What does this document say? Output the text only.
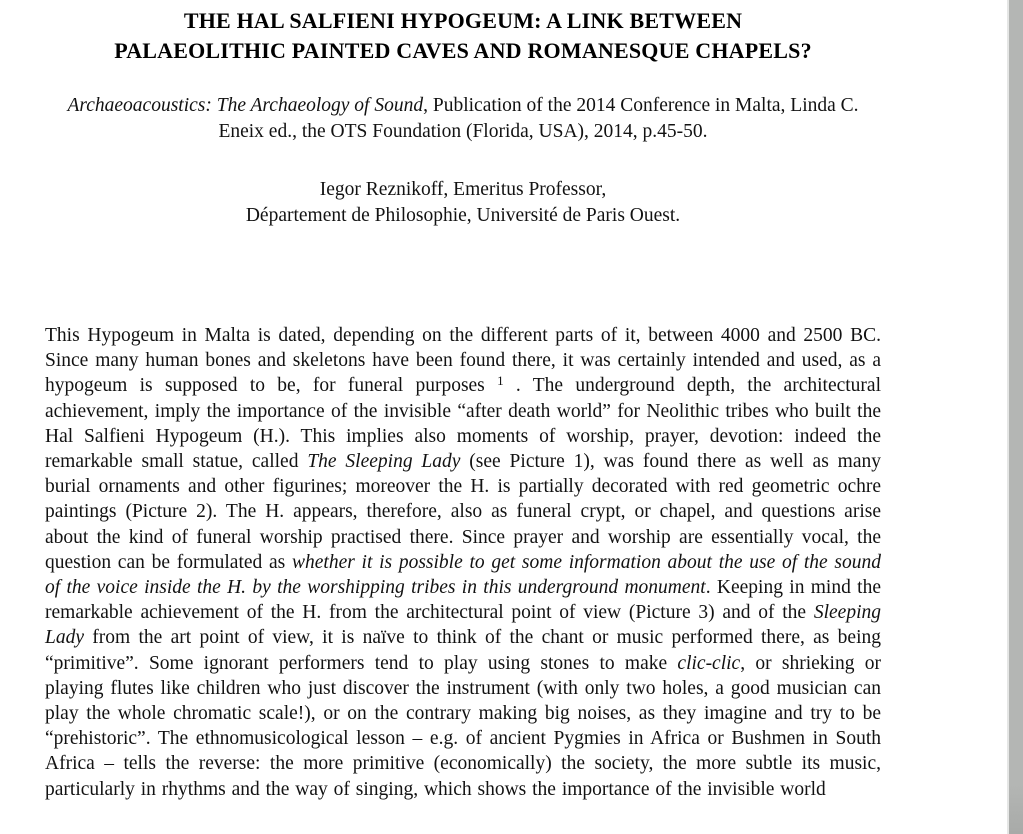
THE HAL SALFIENI HYPOGEUM: A LINK BETWEEN
PALAEOLITHIC PAINTED CAVES AND ROMANESQUE CHAPELS?
Archaeoacoustics: The Archaeology of Sound, Publication of the 2014 Conference in Malta, Linda C. Eneix ed., the OTS Foundation (Florida, USA), 2014, p.45-50.
Iegor Reznikoff, Emeritus Professor,
Département de Philosophie, Université de Paris Ouest.

This Hypogeum in Malta is dated, depending on the different parts of it, between 4000 and 2500 BC. Since many human bones and skeletons have been found there, it was certainly intended and used, as a hypogeum is supposed to be, for funeral purposes $^1$ . The underground depth, the architectural achievement, imply the importance of the invisible “after death world” for Neolithic tribes who built the Hal Salfieni Hypogeum (H.). This implies also moments of worship, prayer, devotion: indeed the remarkable small statue, called The Sleeping Lady (see Picture 1), was found there as well as many burial ornaments and other figurines; moreover the H. is partially decorated with red geometric ochre paintings (Picture 2). The H. appears, therefore, also as funeral crypt, or chapel, and questions arise about the kind of funeral worship practised there. Since prayer and worship are essentially vocal, the question can be formulated as whether it is possible to get some information about the use of the sound of the voice inside the H. by the worshipping tribes in this underground monument. Keeping in mind the remarkable achievement of the H. from the architectural point of view (Picture 3) and of the Sleeping Lady from the art point of view, it is naïve to think of the chant or music performed there, as being “primitive”. Some ignorant performers tend to play using stones to make clic-clic, or shrieking or playing flutes like children who just discover the instrument (with only two holes, a good musician can play the whole chromatic scale!), or on the contrary making big noises, as they imagine and try to be “prehistoric”. The ethnomusicological lesson – e.g. of ancient Pygmies in Africa or Bushmen in South Africa – tells the reverse: the more primitive (economically) the society, the more subtle its music, particularly in rhythms and the way of singing, which shows the importance of the invisible world
